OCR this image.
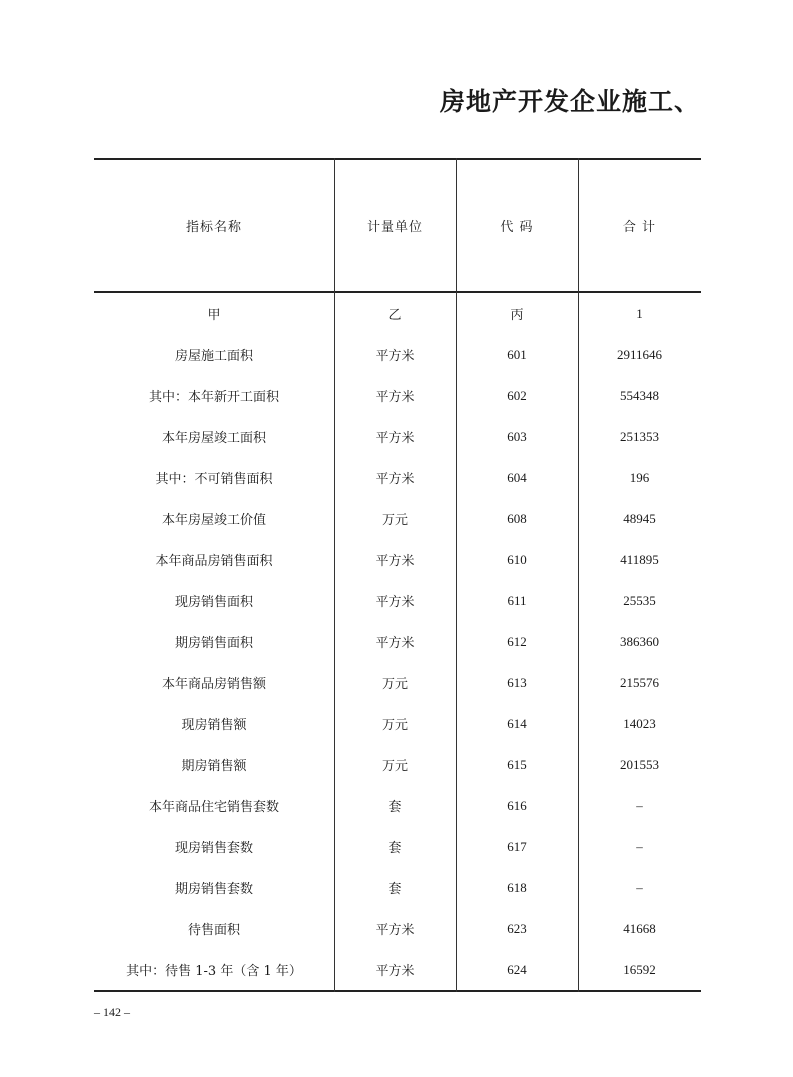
房地产开发企业施工、
指标名称	计量单位	代 码	合 计
甲	乙	丙	1
房屋施工面积	平方米	601	2911646
其中：本年新开工面积	平方米	602	554348
本年房屋竣工面积	平方米	603	251353
其中：不可销售面积	平方米	604	196
本年房屋竣工价值	万元	608	48945
本年商品房销售面积	平方米	610	411895
现房销售面积	平方米	611	25535
期房销售面积	平方米	612	386360
本年商品房销售额	万元	613	215576
现房销售额	万元	614	14023
期房销售额	万元	615	201553
本年商品住宅销售套数	套	616	–
现房销售套数	套	617	–
期房销售套数	套	618	–
待售面积	平方米	623	41668
其中：待售 1-3 年（含 1 年）	平方米	624	16592
– 142 –
